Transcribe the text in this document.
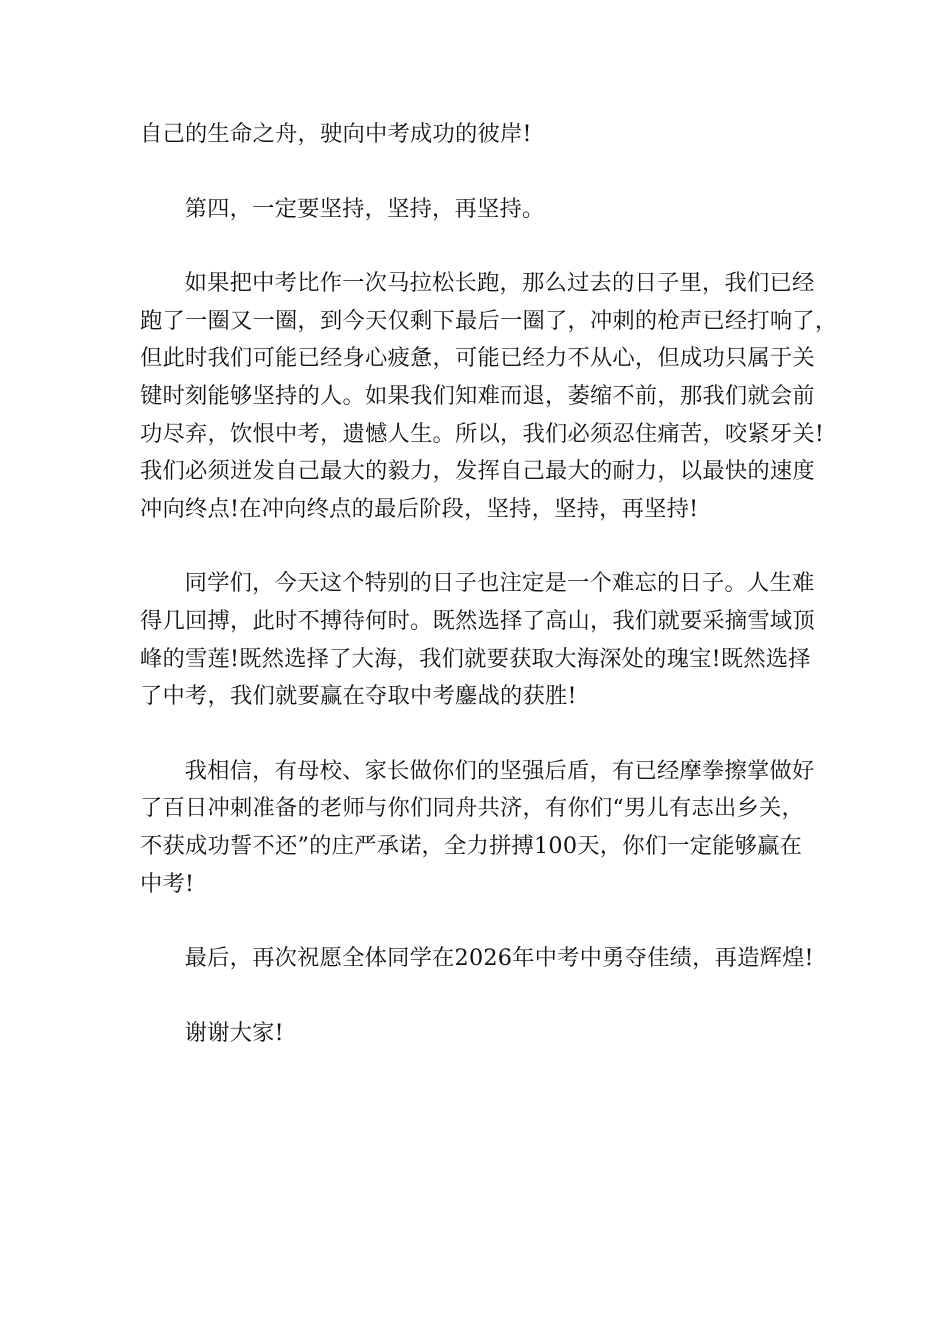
自己的生命之舟，驶向中考成功的彼岸!

第四，一定要坚持，坚持，再坚持。

如果把中考比作一次马拉松长跑，那么过去的日子里，我们已经
跑了一圈又一圈，到今天仅剩下最后一圈了，冲刺的枪声已经打响了，
但此时我们可能已经身心疲惫，可能已经力不从心，但成功只属于关
键时刻能够坚持的人。如果我们知难而退，萎缩不前，那我们就会前
功尽弃，饮恨中考，遗憾人生。所以，我们必须忍住痛苦，咬紧牙关!
我们必须迸发自己最大的毅力，发挥自己最大的耐力，以最快的速度
冲向终点!在冲向终点的最后阶段，坚持，坚持，再坚持!

同学们，今天这个特别的日子也注定是一个难忘的日子。人生难
得几回搏，此时不搏待何时。既然选择了高山，我们就要采摘雪域顶
峰的雪莲!既然选择了大海，我们就要获取大海深处的瑰宝!既然选择
了中考，我们就要赢在夺取中考鏖战的获胜!

我相信，有母校、家长做你们的坚强后盾，有已经摩拳擦掌做好
了百日冲刺准备的老师与你们同舟共济，有你们“男儿有志出乡关，
不获成功誓不还”的庄严承诺，全力拼搏100天，你们一定能够赢在
中考!

最后，再次祝愿全体同学在2026年中考中勇夺佳绩，再造辉煌!

谢谢大家!
